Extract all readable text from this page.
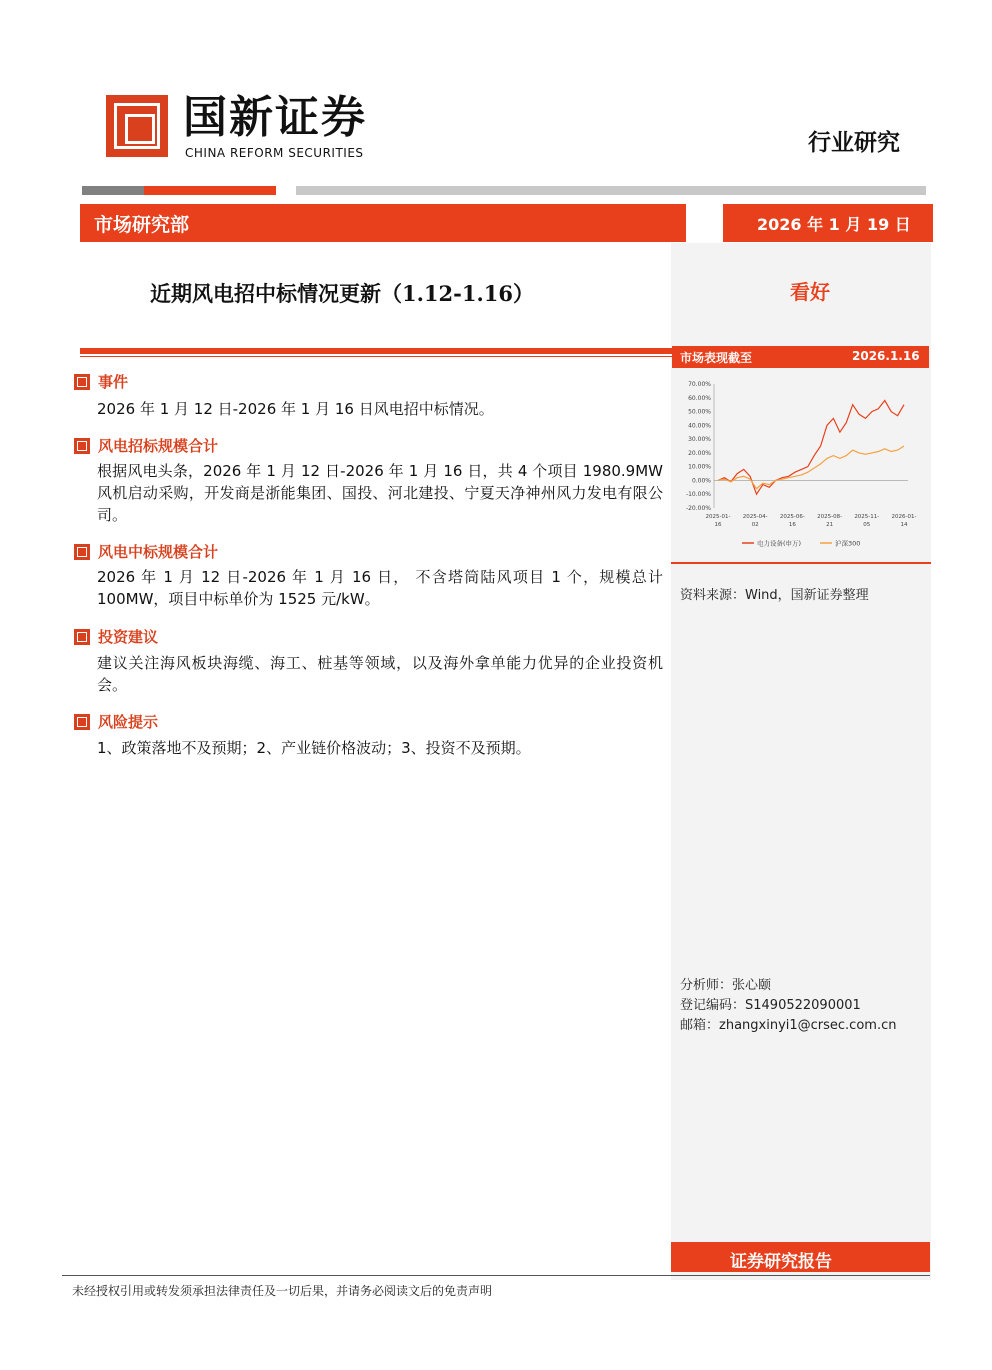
国新证券
CHINA REFORM SECURITIES	行业研究
市场研究部	2026 年 1 月 19 日
近期风电招中标情况更新（1.12-1.16）	看好
市场表现截至	2026.1.16
事件
2026 年 1 月 12 日-2026 年 1 月 16 日风电招中标情况。
风电招标规模合计
根据风电头条，2026 年 1 月 12 日-2026 年 1 月 16 日，共 4 个项目 1980.9MW 风机启动采购，开发商是浙能集团、国投、河北建投、宁夏天净神州风力发电有限公司。
风电中标规模合计
2026 年 1 月 12 日-2026 年 1 月 16 日， 不含塔筒陆风项目 1 个，规模总计 100MW，项目中标单价为 1525 元/kW。
投资建议
建议关注海风板块海缆、海工、桩基等领域，以及海外拿单能力优异的企业投资机会。
风险提示
1、政策落地不及预期；2、产业链价格波动；3、投资不及预期。
70.00%
60.00%
50.00%
40.00%
30.00%
20.00%
10.00%
0.00%
-10.00%
-20.00%
2025-01-
16
2025-04-
02
2025-06-
16
2025-08-
21
2025-11-
05
2026-01-
14
电力设备(申万)	沪深300
资料来源：Wind，国新证券整理
分析师：张心颐
登记编码：S1490522090001
邮箱：zhangxinyi1@crsec.com.cn
证券研究报告
未经授权引用或转发须承担法律责任及一切后果，并请务必阅读文后的免责声明
